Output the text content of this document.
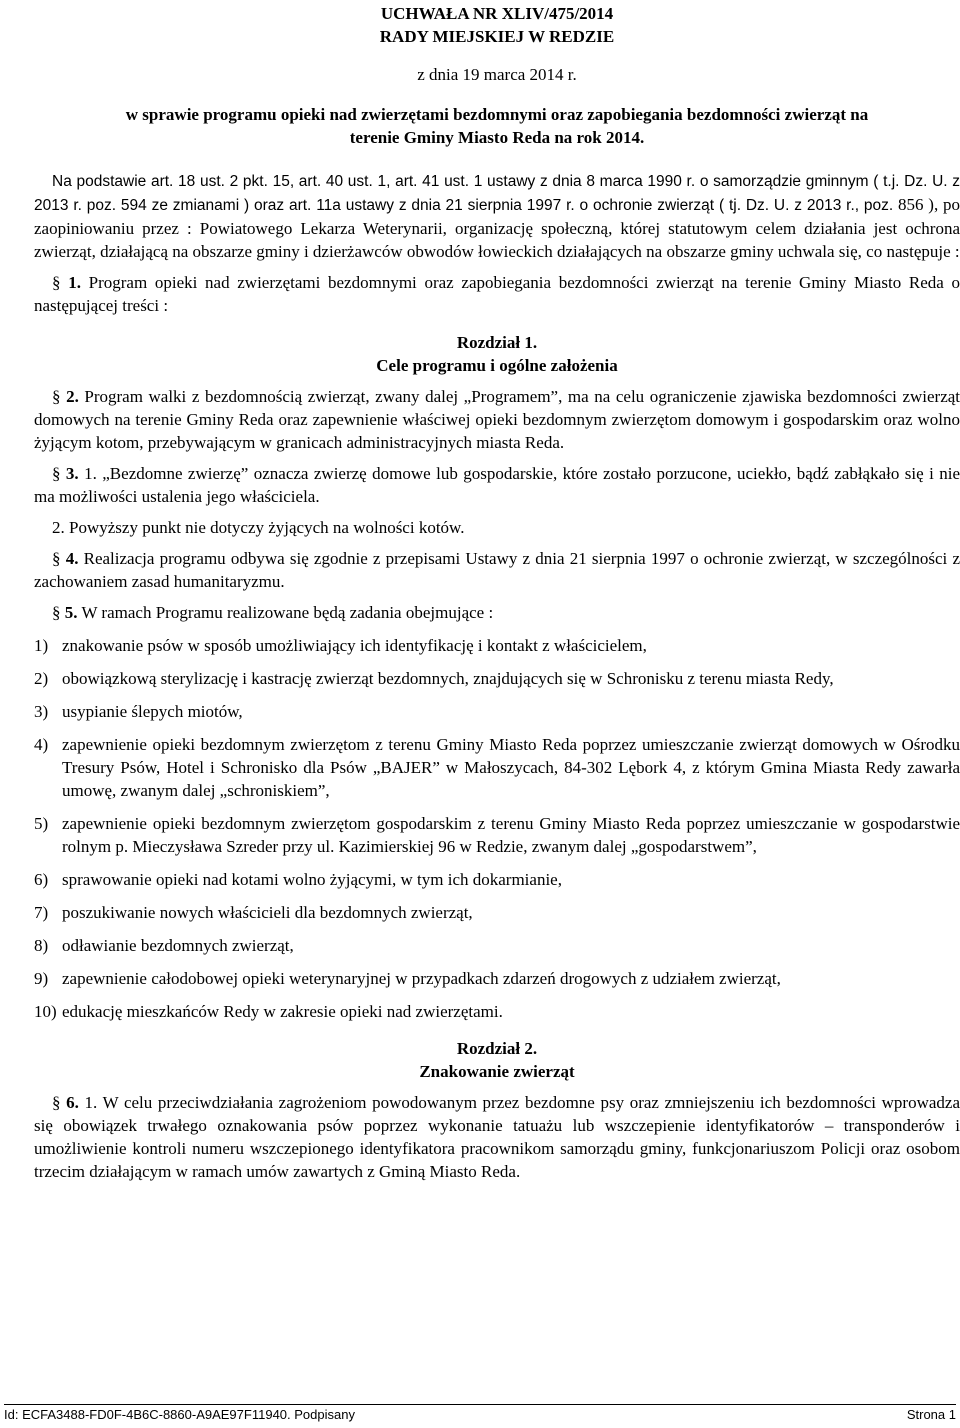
UCHWAŁA NR XLIV/475/2014
RADY MIEJSKIEJ W REDZIE
z dnia 19 marca 2014 r.
w sprawie programu opieki nad zwierzętami bezdomnymi oraz zapobiegania bezdomności zwierząt na
terenie Gminy Miasto Reda na rok 2014.

Na podstawie art. 18 ust. 2 pkt. 15, art. 40 ust. 1, art. 41 ust. 1 ustawy z dnia 8 marca 1990 r. o samorządzie gminnym ( t.j. Dz. U. z 2013 r. poz. 594 ze zmianami ) oraz art. 11a ustawy z dnia 21 sierpnia 1997 r. o ochronie zwierząt ( tj. Dz. U. z 2013 r., poz. 856 ), po zaopiniowaniu przez : Powiatowego Lekarza Weterynarii, organizację społeczną, której statutowym celem działania jest ochrona zwierząt, działającą na obszarze gminy i dzierżawców obwodów łowieckich działających na obszarze gminy uchwala się, co następuje :

§ 1. Program opieki nad zwierzętami bezdomnymi oraz zapobiegania bezdomności zwierząt na terenie Gminy Miasto Reda o następującej treści :

Rozdział 1.
Cele programu i ogólne założenia

§ 2. Program walki z bezdomnością zwierząt, zwany dalej „Programem”, ma na celu ograniczenie zjawiska bezdomności zwierząt domowych na terenie Gminy Reda oraz zapewnienie właściwej opieki bezdomnym zwierzętom domowym i gospodarskim oraz wolno żyjącym kotom, przebywającym w granicach administracyjnych miasta Reda.

§ 3. 1. „Bezdomne zwierzę” oznacza zwierzę domowe lub gospodarskie, które zostało porzucone, uciekło, bądź zabłąkało się i nie ma możliwości ustalenia jego właściciela.

2. Powyższy punkt nie dotyczy żyjących na wolności kotów.

§ 4. Realizacja programu odbywa się zgodnie z przepisami Ustawy z dnia 21 sierpnia 1997 o ochronie zwierząt, w szczególności z zachowaniem zasad humanitaryzmu.

§ 5. W ramach Programu realizowane będą zadania obejmujące :

1) znakowanie psów w sposób umożliwiający ich identyfikację i kontakt z właścicielem,
2) obowiązkową sterylizację i kastrację zwierząt bezdomnych, znajdujących się w Schronisku z terenu miasta Redy,
3) usypianie ślepych miotów,
4) zapewnienie opieki bezdomnym zwierzętom z terenu Gminy Miasto Reda poprzez umieszczanie zwierząt domowych w Ośrodku Tresury Psów, Hotel i Schronisko dla Psów „BAJER” w Małoszycach, 84-302 Lębork 4, z którym Gmina Miasta Redy zawarła umowę, zwanym dalej „schroniskiem”,
5) zapewnienie opieki bezdomnym zwierzętom gospodarskim z terenu Gminy Miasto Reda poprzez umieszczanie w gospodarstwie rolnym p. Mieczysława Szreder przy ul. Kazimierskiej 96 w Redzie, zwanym dalej „gospodarstwem”,
6) sprawowanie opieki nad kotami wolno żyjącymi, w tym ich dokarmianie,
7) poszukiwanie nowych właścicieli dla bezdomnych zwierząt,
8) odławianie bezdomnych zwierząt,
9) zapewnienie całodobowej opieki weterynaryjnej w przypadkach zdarzeń drogowych z udziałem zwierząt,
10) edukację mieszkańców Redy w zakresie opieki nad zwierzętami.
Rozdział 2.
Znakowanie zwierząt

§ 6. 1. W celu przeciwdziałania zagrożeniom powodowanym przez bezdomne psy oraz zmniejszeniu ich bezdomności wprowadza się obowiązek trwałego oznakowania psów poprzez wykonanie tatuażu lub wszczepienie identyfikatorów – transponderów i umożliwienie kontroli numeru wszczepionego identyfikatora pracownikom samorządu gminy, funkcjonariuszom Policji oraz osobom trzecim działającym w ramach umów zawartych z Gminą Miasto Reda.

Id: ECFA3488-FD0F-4B6C-8860-A9AE97F11940. Podpisany	Strona 1
